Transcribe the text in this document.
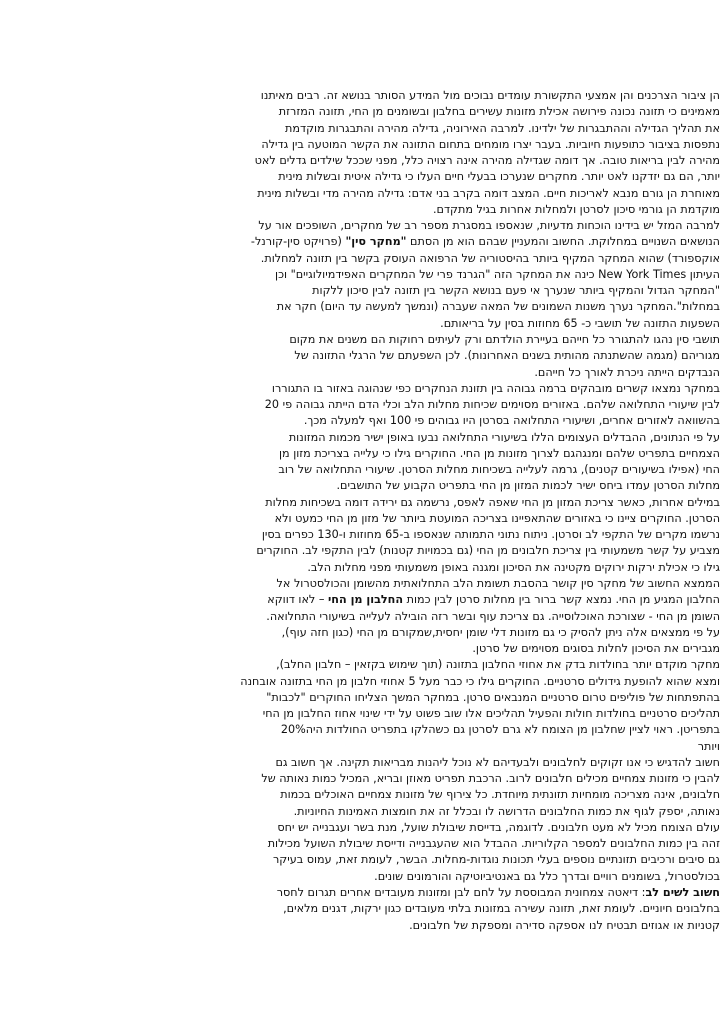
הן ציבור הצרכנים והן אמצעי התקשורת עומדים נבוכים מול המידע הסותר בנושא זה. רבים מאיתנו
מאמינים כי תזונה נכונה פירושה אכילת מזונות עשירים בחלבון ובשומנים מן החי, תזונה המזרזת
את תהליך הגדילה וההתבגרות של ילדינו. למרבה האירוניה, גדילה מהירה והתבגרות מוקדמת
נתפסות בציבור כתופעות חיוביות. בעבר יצרו מומחים בתחום התזונה את הקשר המוטעה בין גדילה
מהירה לבין בריאות טובה. אך דומה שגדילה מהירה אינה רצויה כלל, מפני שככל שילדים גדלים לאט
יותר, הם גם יזדקנו לאט יותר. מחקרים שנערכו בבעלי חיים העלו כי גדילה איטית ובשלות מינית
מאוחרת הן גורם מנבא לאריכות חיים. המצב דומה בקרב בני אדם: גדילה מהירה מדי ובשלות מינית
מוקדמת הן גורמי סיכון לסרטן ולמחלות אחרות בגיל מתקדם.
למרבה המזל יש בידינו הוכחות מדעיות, שנאספו במסגרת מספר רב של מחקרים, השופכים אור על
הנושאים השנויים במחלוקת. החשוב והמעניין שבהם הוא מן הסתם "מחקר סין" (פרויקט סין-קורנל-
אוקספורד) שהוא המחקר המקיף ביותר בהיסטוריה של הרפואה העוסק בקשר בין תזונה למחלות.
העיתון New York Times כינה את המחקר הזה "הגרנד פרי של המחקרים האפידמיולוגיים" וכן
"המחקר הגדול והמקיף ביותר שנערך אי פעם בנושא הקשר בין תזונה לבין סיכון ללקות
במחלות".המחקר נערך משנות השמונים של המאה שעברה (ונמשך למעשה עד היום) חקר את
השפעות התזונה של תושבי כ- 65 מחוזות בסין על בריאותם.
תושבי סין נהגו להתגורר כל חייהם בעיירת הולדתם ורק לעיתים רחוקות הם משנים את מקום
מגוריהם (מגמה שהשתנתה מהותית בשנים האחרונות). לכן השפעתם של הרגלי התזונה של
הנבדקים הייתה ניכרת לאורך כל חייהם.
במחקר נמצאו קשרים מובהקים ברמה גבוהה בין תזונת הנחקרים כפי שנהוגה באזור בו התגוררו
לבין שיעורי התחלואה שלהם. באזורים מסוימים שכיחות מחלות הלב וכלי הדם הייתה גבוהה פי 20
בהשוואה לאזורים אחרים, ושיעורי התחלואה בסרטן היו גבוהים פי 100 ואף למעלה מכך.
על פי הנתונים, ההבדלים העצומים הללו בשיעורי התחלואה נבעו באופן ישיר מכמות המזונות
הצמחיים בתפריט שלהם ומנגהגם לצרוך מזונות מן החי. החוקרים גילו כי עלייה בצריכת מזון מן
החי (אפילו בשיעורים קטנים), גרמה לעלייה בשכיחות מחלות הסרטן. שיעורי התחלואה של רוב
מחלות הסרטן עמדו ביחס ישיר לכמות המזון מן החי בתפריט הקבוע של התושבים.
במילים אחרות, כאשר צריכת המזון מן החי שאפה לאפס, נרשמה גם ירידה דומה בשכיחות מחלות
הסרטן. החוקרים ציינו כי באזורים שהתאפיינו בצריכה המועטת ביותר של מזון מן החי כמעט ולא
נרשמו מקרים של התקפי לב וסרטן. ניתוח נתוני התמותה שנאספו ב-65 מחוזות ו-130 כפרים בסין
מצביע על קשר משמעותי בין צריכת חלבונים מן החי (גם בכמויות קטנות) לבין התקפי לב. החוקרים
גילו כי אכילת ירקות ירוקים מקטינה את הסיכון ומגנה באופן משמעותי מפני מחלות הלב.
הממצא החשוב של מחקר סין קושר בהסבת תשומת הלב התחלואתית מהשומן והכולסטרול אל
החלבון המגיע מן החי. נמצא קשר ברור בין מחלות סרטן לבין כמות החלבון מן החי – לאו דווקא
השומן מן החי - שצורכת האוכלוסייה. גם צריכת עוף ובשר רזה הובילה לעלייה בשיעורי התחלואה.
על פי ממצאים אלה ניתן להסיק כי גם מזונות דלי שומן יחסית,שמקורם מן החי (כגון חזה עוף),
מגבירים את הסיכון לחלות בסוגים מסוימים של סרטן.
מחקר מוקדם יותר בחולדות בדק את אחוזי החלבון בתזונה (תוך שימוש בקזאין – חלבון החלב),
ומצא שהוא להופעת גידולים סרטניים. החוקרים גילו כי כבר מעל 5 אחוזי חלבון מן החי בתזונה אובחנה
בהתפתחות של פוליפים טרום סרטניים המנבאים סרטן. במחקר המשך הצליחו החוקרים "לכבות"
תהליכים סרטניים בחולדות חולות והפעיל תהליכים אלו שוב פשוט על ידי שינוי אחוז החלבון מן החי
בתפריטן. ראוי לציין שחלבון מן הצומח לא גרם לסרטן גם כשהלקו בתפריט החולדות היה20%
ויותר
חשוב להדגיש כי אנו זקוקים לחלבונים ולבעדיהם לא נוכל ליהנות מבריאות תקינה. אך חשוב גם
להבין כי מזונות צמחיים מכילים חלבונים לרוב. הרכבת תפריט מאוזן ובריא, המכיל כמות נאותה של
חלבונים, אינה מצריכה מומחיות תזונתית מיוחדת. כל צירוף של מזונות צמחיים האוכלים בכמות
נאותה, יספק לגוף את כמות החלבונים הדרושה לו ובכלל זה את חומצות האמינות החיוניות.
עולם הצומח מכיל לא מעט חלבונים. לדוגמה, בדייסת שיבולת שועל, מנת בשר ועגבנייה יש יחס
זהה בין כמות החלבונים למספר הקלוריות. ההבדל הוא שהעגבנייה ודייסת שיבולת השועל מכילות
גם סיבים ורכיבים תזונתיים נוספים בעלי תכונות נוגדות-מחלות. הבשר, לעומת זאת, עמוס בעיקר
בכולסטרול, בשומנים רוויים ובדרך כלל גם באנטיביוטיקה והורמונים שונים.
חשוב לשים לב: דיאטה צמחונית המבוססת על לחם לבן ומזונות מעובדים אחרים תגרום לחסר
בחלבונים חיוניים. לעומת זאת, תזונה עשירה במזונות בלתי מעובדים כגון ירקות, דגנים מלאים,
קטניות או אגוזים תבטיח לנו אספקה סדירה ומספקת של חלבונים.
